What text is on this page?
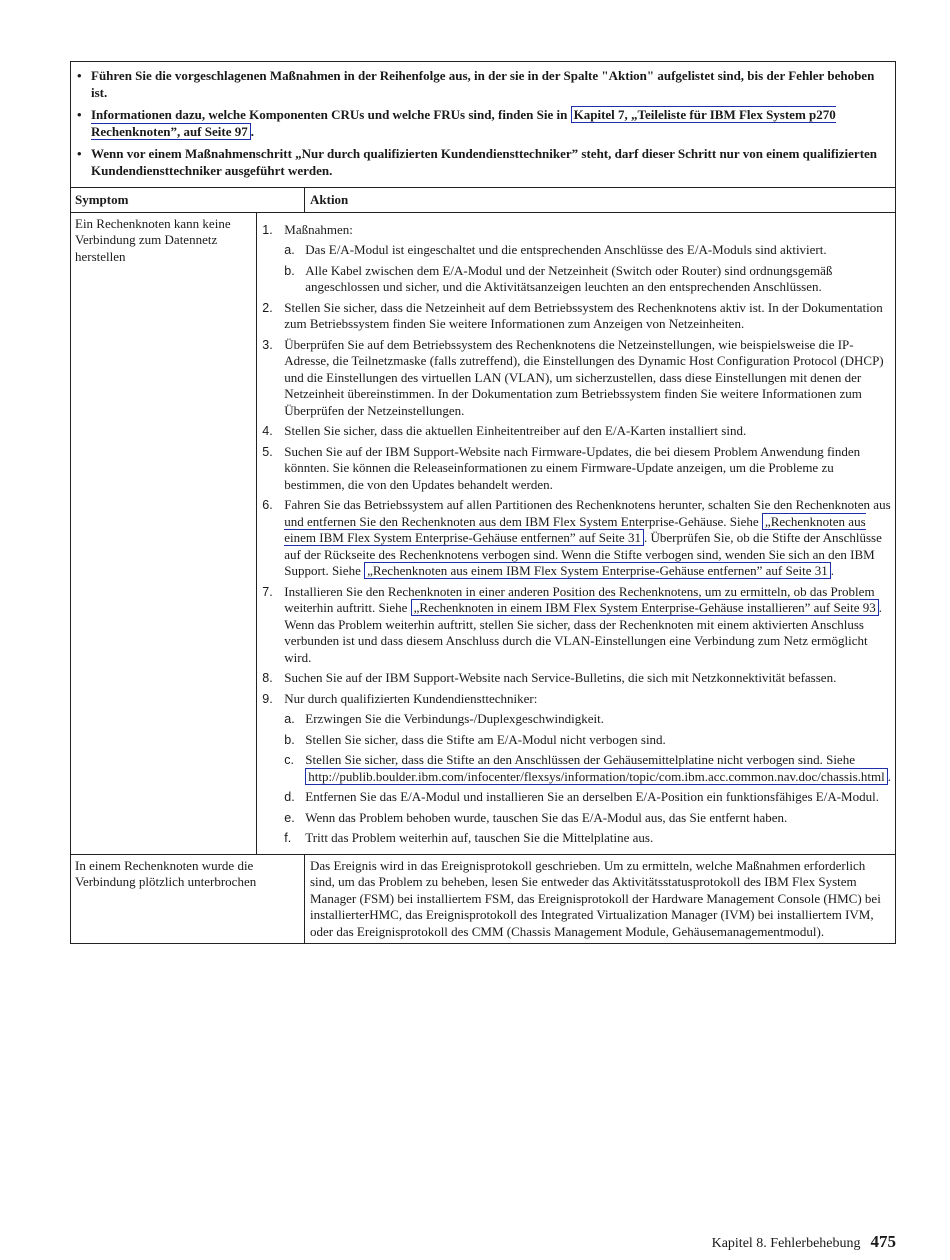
• Führen Sie die vorgeschlagenen Maßnahmen in der Reihenfolge aus, in der sie in der Spalte "Aktion" aufgelistet sind, bis der Fehler behoben ist.
• Informationen dazu, welche Komponenten CRUs und welche FRUs sind, finden Sie in Kapitel 7, „Teileliste für IBM Flex System p270 Rechenknoten”, auf Seite 97 .
• Wenn vor einem Maßnahmenschritt „Nur durch qualifizierten Kundendiensttechniker” steht, darf dieser Schritt nur von einem qualifizierten Kundendiensttechniker ausgeführt werden.
Symptom	Aktion
Ein Rechenknoten kann keine Verbindung zum Datennetz herstellen
1. Maßnahmen:
a. Das E/A-Modul ist eingeschaltet und die entsprechenden Anschlüsse des E/A-Moduls sind aktiviert.
b. Alle Kabel zwischen dem E/A-Modul und der Netzeinheit (Switch oder Router) sind ordnungsgemäß angeschlossen und sicher, und die Aktivitätsanzeigen leuchten an den entsprechenden Anschlüssen.
2. Stellen Sie sicher, dass die Netzeinheit auf dem Betriebssystem des Rechenknotens aktiv ist. In der Dokumentation zum Betriebssystem finden Sie weitere Informationen zum Anzeigen von Netzeinheiten.
3. Überprüfen Sie auf dem Betriebssystem des Rechenknotens die Netzeinstellungen, wie beispielsweise die IP-Adresse, die Teilnetzmaske (falls zutreffend), die Einstellungen des Dynamic Host Configuration Protocol (DHCP) und die Einstellungen des virtuellen LAN (VLAN), um sicherzustellen, dass diese Einstellungen mit denen der Netzeinheit übereinstimmen. In der Dokumentation zum Betriebssystem finden Sie weitere Informationen zum Überprüfen der Netzeinstellungen.
4. Stellen Sie sicher, dass die aktuellen Einheitentreiber auf den E/A-Karten installiert sind.
5. Suchen Sie auf der IBM Support-Website nach Firmware-Updates, die bei diesem Problem Anwendung finden könnten. Sie können die Releaseinformationen zu einem Firmware-Update anzeigen, um die Probleme zu bestimmen, die von den Updates behandelt werden.
6. Fahren Sie das Betriebssystem auf allen Partitionen des Rechenknotens herunter, schalten Sie den Rechenknoten aus und entfernen Sie den Rechenknoten aus dem IBM Flex System Enterprise-Gehäuse. Siehe „Rechenknoten aus einem IBM Flex System Enterprise-Gehäuse entfernen” auf Seite 31 . Überprüfen Sie, ob die Stifte der Anschlüsse auf der Rückseite des Rechenknotens verbogen sind. Wenn die Stifte verbogen sind, wenden Sie sich an den IBM Support. Siehe „Rechenknoten aus einem IBM Flex System Enterprise-Gehäuse entfernen” auf Seite 31 .
7. Installieren Sie den Rechenknoten in einer anderen Position des Rechenknotens, um zu ermitteln, ob das Problem weiterhin auftritt. Siehe „Rechenknoten in einem IBM Flex System Enterprise-Gehäuse installieren” auf Seite 93 . Wenn das Problem weiterhin auftritt, stellen Sie sicher, dass der Rechenknoten mit einem aktivierten Anschluss verbunden ist und dass diesem Anschluss durch die VLAN-Einstellungen eine Verbindung zum Netz ermöglicht wird.
8. Suchen Sie auf der IBM Support-Website nach Service-Bulletins, die sich mit Netzkonnektivität befassen.
9. Nur durch qualifizierten Kundendiensttechniker:
a. Erzwingen Sie die Verbindungs-/Duplexgeschwindigkeit.
b. Stellen Sie sicher, dass die Stifte am E/A-Modul nicht verbogen sind.
c. Stellen Sie sicher, dass die Stifte an den Anschlüssen der Gehäusemittelplatine nicht verbogen sind. Siehe http://publib.boulder.ibm.com/infocenter/flexsys/information/topic/com.ibm.acc.common.nav.doc/chassis.html .
d. Entfernen Sie das E/A-Modul und installieren Sie an derselben E/A-Position ein funktionsfähiges E/A-Modul.
e. Wenn das Problem behoben wurde, tauschen Sie das E/A-Modul aus, das Sie entfernt haben.
f. Tritt das Problem weiterhin auf, tauschen Sie die Mittelplatine aus.
In einem Rechenknoten wurde die Verbindung plötzlich unterbrochen
Das Ereignis wird in das Ereignisprotokoll geschrieben. Um zu ermitteln, welche Maßnahmen erforderlich sind, um das Problem zu beheben, lesen Sie entweder das Aktivitätsstatusprotokoll des IBM Flex System Manager (FSM) bei installiertem FSM, das Ereignisprotokoll der Hardware Management Console (HMC) bei installierterHMC, das Ereignisprotokoll des Integrated Virtualization Manager (IVM) bei installiertem IVM, oder das Ereignisprotokoll des CMM (Chassis Management Module, Gehäusemanagementmodul).
Kapitel 8. Fehlerbehebung 475
